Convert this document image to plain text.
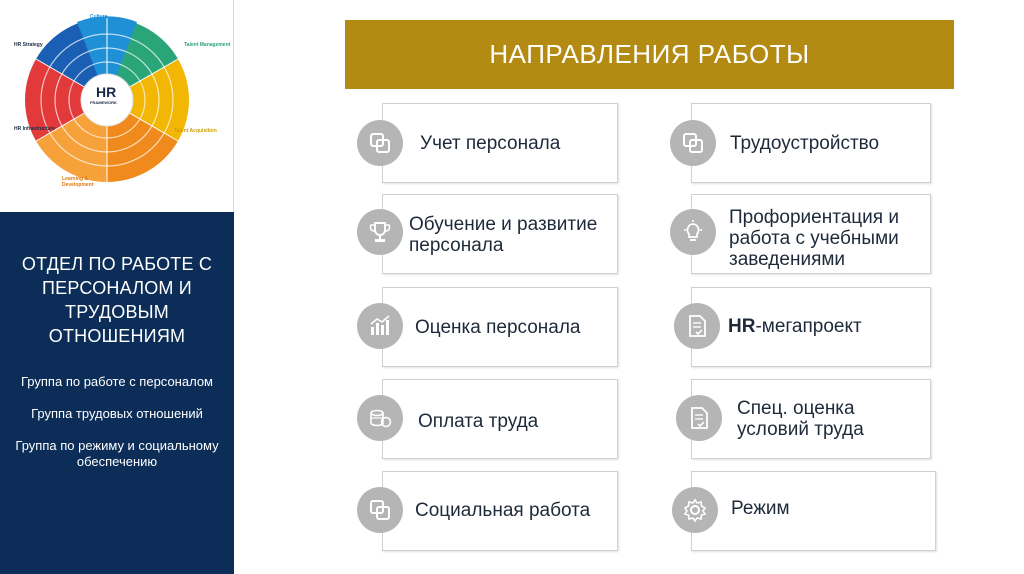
HR
FRAMEWORK
Culture
HR Strategy	Talent Management
Talent Acquisition
Learning & Development
HR Infrastructure
ОТДЕЛ ПО РАБОТЕ С ПЕРСОНАЛОМ И ТРУДОВЫМ ОТНОШЕНИЯМ
Группа по работе с персоналом
Группа трудовых отношений
Группа по режиму и социальному обеспечению
НАПРАВЛЕНИЯ РАБОТЫ
Учет персонала
Обучение и развитие персонала
Оценка персонала
Оплата труда
Социальная работа
Трудоустройство
Профориентация и работа с учебными заведениями
HR-мегапроект
Спец. оценка условий труда
Режим
